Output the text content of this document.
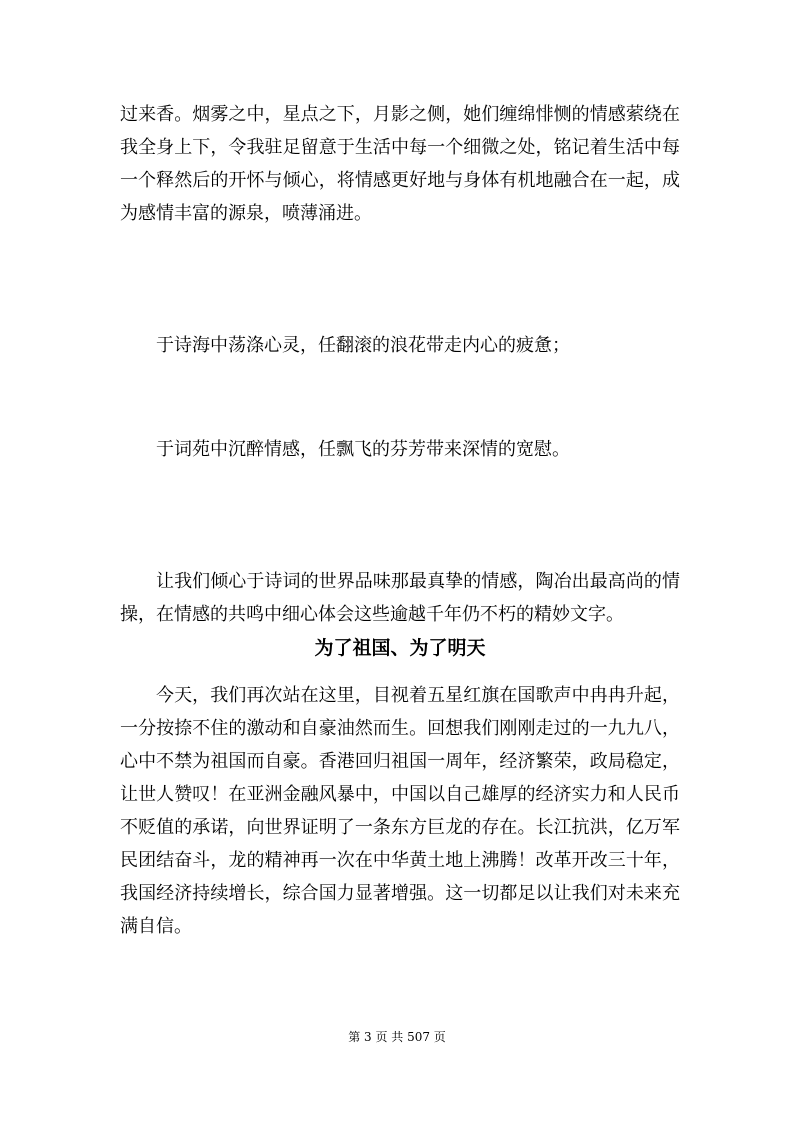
过来香。烟雾之中，星点之下，月影之侧，她们缠绵悱恻的情感萦绕在我全身上下，令我驻足留意于生活中每一个细微之处，铭记着生活中每一个释然后的开怀与倾心，将情感更好地与身体有机地融合在一起，成为感情丰富的源泉，喷薄涌进。

于诗海中荡涤心灵，任翻滚的浪花带走内心的疲惫；

于词苑中沉醉情感，任飘飞的芬芳带来深情的宽慰。

让我们倾心于诗词的世界品味那最真挚的情感，陶冶出最高尚的情操，在情感的共鸣中细心体会这些逾越千年仍不朽的精妙文字。

为了祖国、为了明天

今天，我们再次站在这里，目视着五星红旗在国歌声中冉冉升起，一分按捺不住的激动和自豪油然而生。回想我们刚刚走过的一九九八，心中不禁为祖国而自豪。香港回归祖国一周年，经济繁荣，政局稳定，让世人赞叹！在亚洲金融风暴中，中国以自己雄厚的经济实力和人民币不贬值的承诺，向世界证明了一条东方巨龙的存在。长江抗洪，亿万军民团结奋斗，龙的精神再一次在中华黄土地上沸腾！改革开改三十年，我国经济持续增长，综合国力显著增强。这一切都足以让我们对未来充满自信。

第 3 页 共 507 页
